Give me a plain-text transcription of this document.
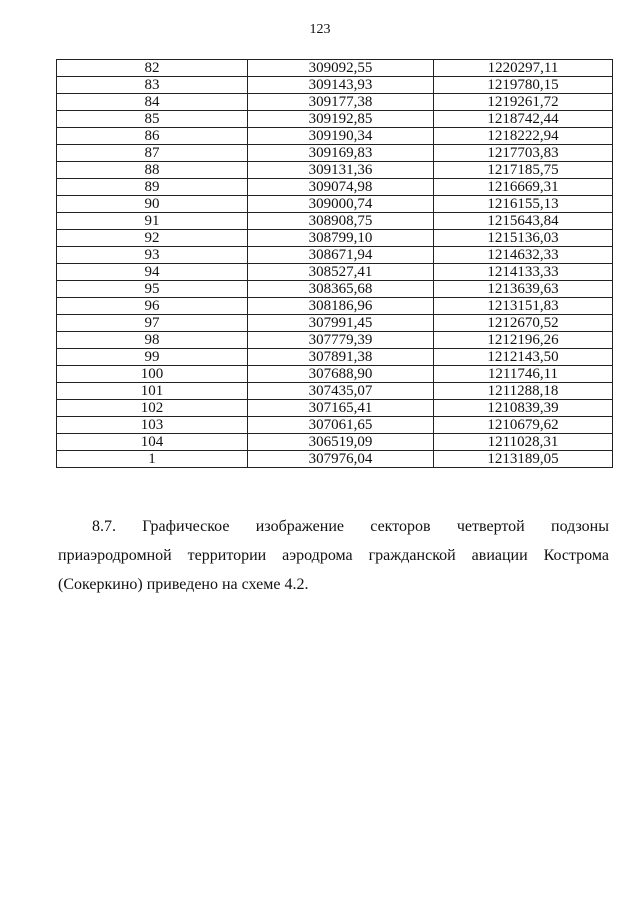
123
82	309092,55	1220297,11
83	309143,93	1219780,15
84	309177,38	1219261,72
85	309192,85	1218742,44
86	309190,34	1218222,94
87	309169,83	1217703,83
88	309131,36	1217185,75
89	309074,98	1216669,31
90	309000,74	1216155,13
91	308908,75	1215643,84
92	308799,10	1215136,03
93	308671,94	1214632,33
94	308527,41	1214133,33
95	308365,68	1213639,63
96	308186,96	1213151,83
97	307991,45	1212670,52
98	307779,39	1212196,26
99	307891,38	1212143,50
100	307688,90	1211746,11
101	307435,07	1211288,18
102	307165,41	1210839,39
103	307061,65	1210679,62
104	306519,09	1211028,31
1	307976,04	1213189,05

8.7. Графическое изображение секторов четвертой подзоны приаэродромной территории аэродрома гражданской авиации Кострома (Сокеркино) приведено на схеме 4.2.
